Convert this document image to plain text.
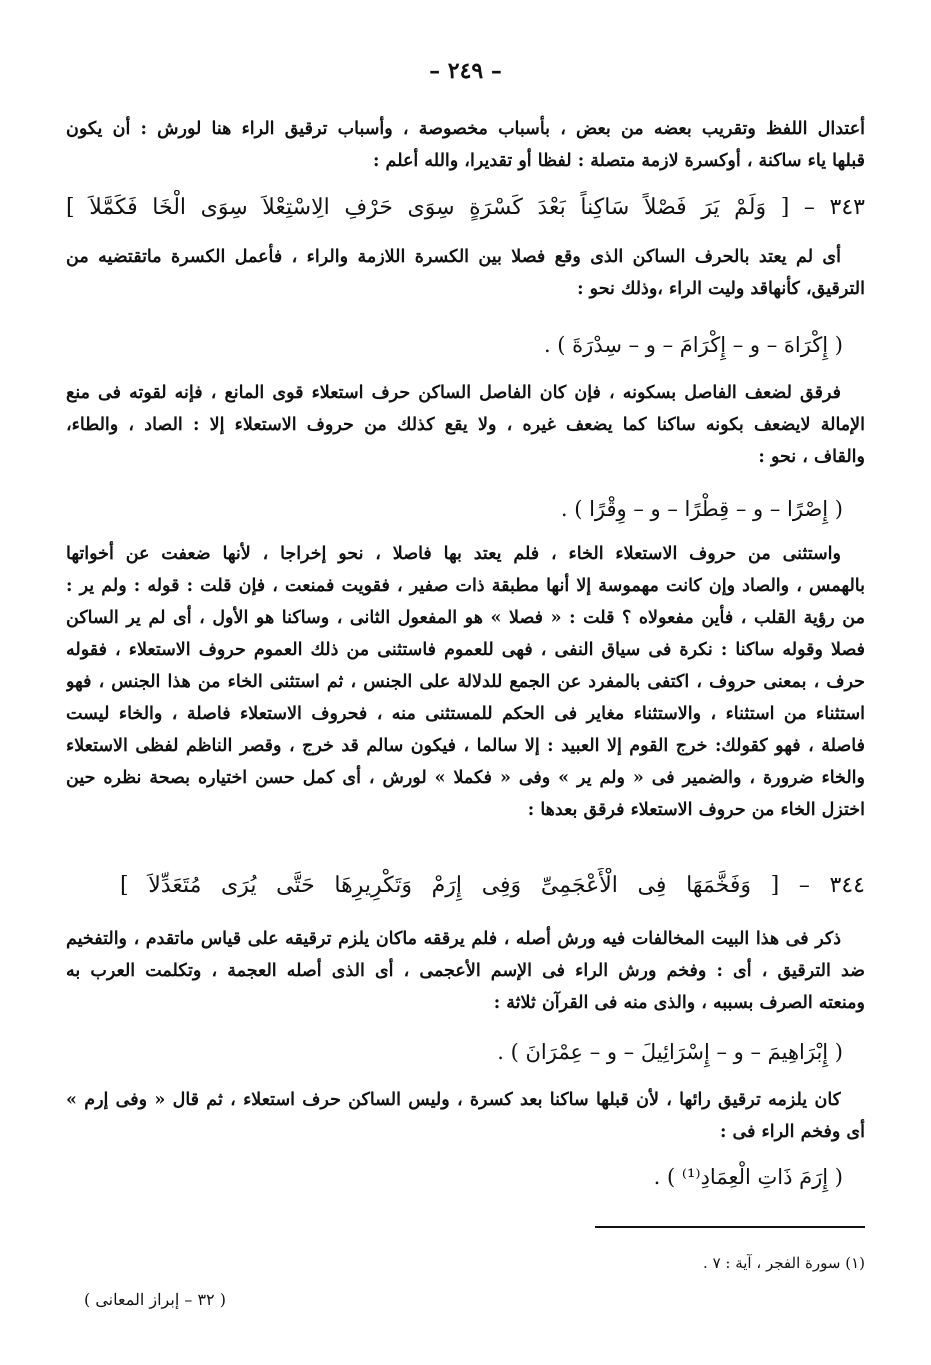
– ٢٤٩ –
أعتدال اللفظ وتقريب بعضه من بعض ، بأسباب مخصوصة ، وأسباب ترقيق الراء هنا لورش : أن يكون
قبلها ياء ساكنة ، أوكسرة لازمة متصلة : لفظا أو تقديرا، والله أعلم :
٣٤٣ – [ وَلَمْ يَرَ فَصْلاً سَاكِناً بَعْدَ كَسْرَةٍ سِوَى حَرْفِ الِاسْتِعْلاَ سِوَى الْخَا فَكَمَّلاَ ]
أى لم يعتد بالحرف الساكن الذى وقع فصلا بين الكسرة اللازمة والراء ، فأعمل الكسرة ماتقتضيه من
الترقيق، كأنهاقد وليت الراء ،وذلك نحو :
( إِكْرَاهَ – و – إِكْرَامَ – و – سِدْرَةَ ) .
فرقق لضعف الفاصل بسكونه ، فإن كان الفاصل الساكن حرف استعلاء قوى المانع ، فإنه لقوته فى منع
الإمالة لايضعف بكونه ساكنا كما يضعف غيره ، ولا يقع كذلك من حروف الاستعلاء إلا : الصاد ، والطاء،
والقاف ، نحو :
( إِصْرًا – و – قِطْرًا – و – وِقْرًا ) .
واستثنى من حروف الاستعلاء الخاء ، فلم يعتد بها فاصلا ، نحو إخراجا ، لأنها ضعفت عن أخواتها
بالهمس ، والصاد وإن كانت مهموسة إلا أنها مطبقة ذات صفير ، فقويت فمنعت ، فإن قلت : قوله : ولم ير :
من رؤية القلب ، فأين مفعولاه ؟ قلت : « فصلا » هو المفعول الثانى ، وساكنا هو الأول ، أى لم ير الساكن
فصلا وقوله ساكنا : نكرة فى سياق النفى ، فهى للعموم فاستثنى من ذلك العموم حروف الاستعلاء ، فقوله
حرف ، بمعنى حروف ، اكتفى بالمفرد عن الجمع للدلالة على الجنس ، ثم استثنى الخاء من هذا الجنس ، فهو
استثناء من استثناء ، والاستثناء مغاير فى الحكم للمستثنى منه ، فحروف الاستعلاء فاصلة ، والخاء ليست
فاصلة ، فهو كقولك: خرج القوم إلا العبيد : إلا سالما ، فيكون سالم قد خرج ، وقصر الناظم لفظى الاستعلاء
والخاء ضرورة ، والضمير فى « ولم ير » وفى « فكملا » لورش ، أى كمل حسن اختياره بصحة نظره حين
اختزل الخاء من حروف الاستعلاء فرقق بعدها :
٣٤٤ – [ وَفَخَّمَهَا فِى الْأَعْجَمِىِّ وَفِى إِرَمْ وَتَكْرِيرِهَا حَتَّى يُرَى مُتَعَدِّلاَ ]
ذكر فى هذا البيت المخالفات فيه ورش أصله ، فلم يرققه ماكان يلزم ترقيقه على قياس ماتقدم ، والتفخيم
ضد الترقيق ، أى : وفخم ورش الراء فى الإسم الأعجمى ، أى الذى أصله العجمة ، وتكلمت العرب به
ومنعته الصرف بسببه ، والذى منه فى القرآن ثلاثة :
( إِبْرَاهِيمَ – و – إِسْرَائِيلَ – و – عِمْرَانَ ) .
كان يلزمه ترقيق رائها ، لأن قبلها ساكنا بعد كسرة ، وليس الساكن حرف استعلاء ، ثم قال « وفى إرم »
أى وفخم الراء فى :
( إِرَمَ ذَاتِ الْعِمَادِ⁽¹⁾ ) .
(١) سورة الفجر ، آية : ٧ .
( ٣٢ – إبراز المعانى )
